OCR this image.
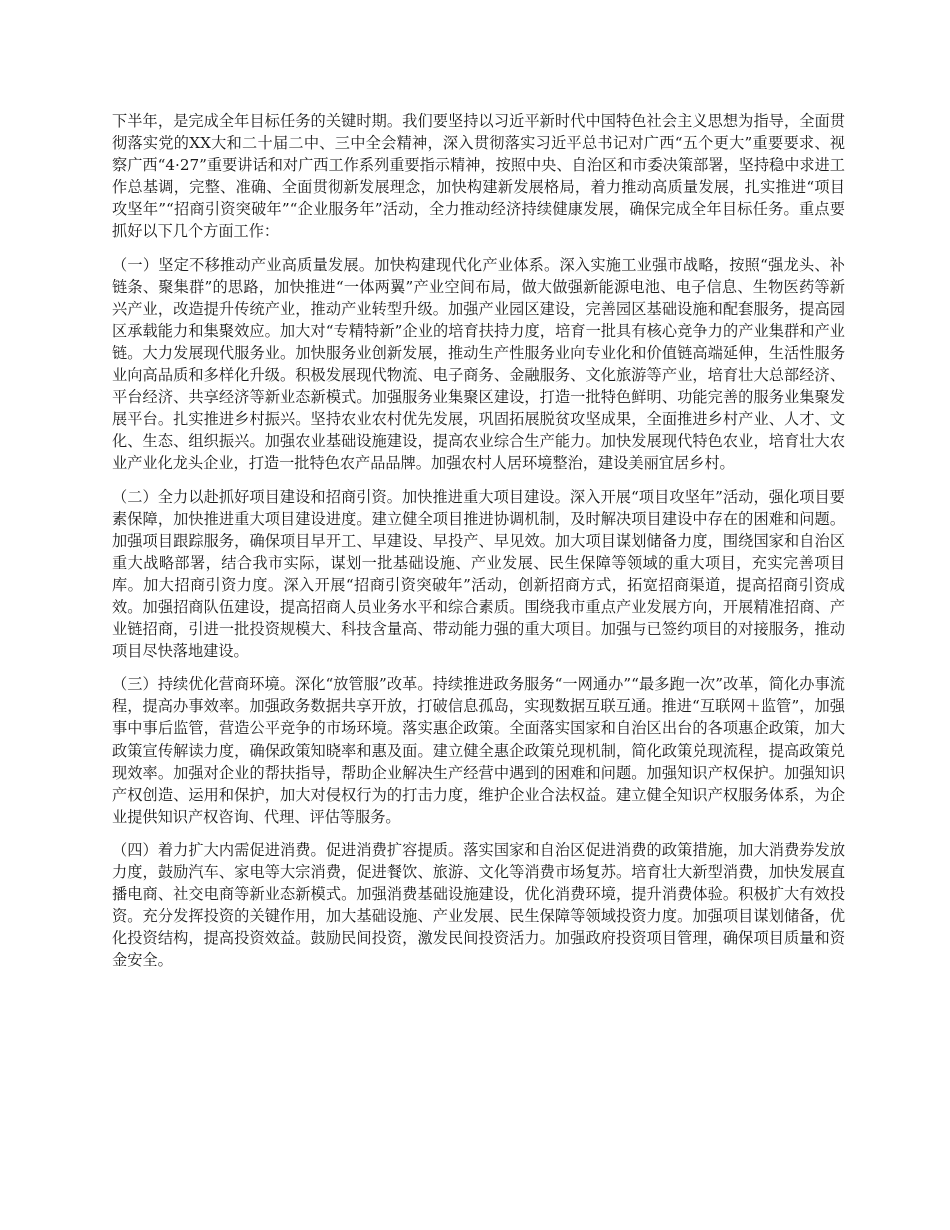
下半年，是完成全年目标任务的关键时期。我们要坚持以习近平新时代中国特色社会主义思想为指导，全面贯彻落实党的XX大和二十届二中、三中全会精神，深入贯彻落实习近平总书记对广西“五个更大”重要要求、视察广西“4·27”重要讲话和对广西工作系列重要指示精神，按照中央、自治区和市委决策部署，坚持稳中求进工作总基调，完整、准确、全面贯彻新发展理念，加快构建新发展格局，着力推动高质量发展，扎实推进“项目攻坚年”“招商引资突破年”“企业服务年”活动，全力推动经济持续健康发展，确保完成全年目标任务。重点要抓好以下几个方面工作：

（一）坚定不移推动产业高质量发展。加快构建现代化产业体系。深入实施工业强市战略，按照“强龙头、补链条、聚集群”的思路，加快推进“一体两翼”产业空间布局，做大做强新能源电池、电子信息、生物医药等新兴产业，改造提升传统产业，推动产业转型升级。加强产业园区建设，完善园区基础设施和配套服务，提高园区承载能力和集聚效应。加大对“专精特新”企业的培育扶持力度，培育一批具有核心竞争力的产业集群和产业链。大力发展现代服务业。加快服务业创新发展，推动生产性服务业向专业化和价值链高端延伸，生活性服务业向高品质和多样化升级。积极发展现代物流、电子商务、金融服务、文化旅游等产业，培育壮大总部经济、平台经济、共享经济等新业态新模式。加强服务业集聚区建设，打造一批特色鲜明、功能完善的服务业集聚发展平台。扎实推进乡村振兴。坚持农业农村优先发展，巩固拓展脱贫攻坚成果，全面推进乡村产业、人才、文化、生态、组织振兴。加强农业基础设施建设，提高农业综合生产能力。加快发展现代特色农业，培育壮大农业产业化龙头企业，打造一批特色农产品品牌。加强农村人居环境整治，建设美丽宜居乡村。

（二）全力以赴抓好项目建设和招商引资。加快推进重大项目建设。深入开展“项目攻坚年”活动，强化项目要素保障，加快推进重大项目建设进度。建立健全项目推进协调机制，及时解决项目建设中存在的困难和问题。加强项目跟踪服务，确保项目早开工、早建设、早投产、早见效。加大项目谋划储备力度，围绕国家和自治区重大战略部署，结合我市实际，谋划一批基础设施、产业发展、民生保障等领域的重大项目，充实完善项目库。加大招商引资力度。深入开展“招商引资突破年”活动，创新招商方式，拓宽招商渠道，提高招商引资成效。加强招商队伍建设，提高招商人员业务水平和综合素质。围绕我市重点产业发展方向，开展精准招商、产业链招商，引进一批投资规模大、科技含量高、带动能力强的重大项目。加强与已签约项目的对接服务，推动项目尽快落地建设。

（三）持续优化营商环境。深化“放管服”改革。持续推进政务服务“一网通办”“最多跑一次”改革，简化办事流程，提高办事效率。加强政务数据共享开放，打破信息孤岛，实现数据互联互通。推进“互联网＋监管”，加强事中事后监管，营造公平竞争的市场环境。落实惠企政策。全面落实国家和自治区出台的各项惠企政策，加大政策宣传解读力度，确保政策知晓率和惠及面。建立健全惠企政策兑现机制，简化政策兑现流程，提高政策兑现效率。加强对企业的帮扶指导，帮助企业解决生产经营中遇到的困难和问题。加强知识产权保护。加强知识产权创造、运用和保护，加大对侵权行为的打击力度，维护企业合法权益。建立健全知识产权服务体系，为企业提供知识产权咨询、代理、评估等服务。

（四）着力扩大内需促进消费。促进消费扩容提质。落实国家和自治区促进消费的政策措施，加大消费券发放力度，鼓励汽车、家电等大宗消费，促进餐饮、旅游、文化等消费市场复苏。培育壮大新型消费，加快发展直播电商、社交电商等新业态新模式。加强消费基础设施建设，优化消费环境，提升消费体验。积极扩大有效投资。充分发挥投资的关键作用，加大基础设施、产业发展、民生保障等领域投资力度。加强项目谋划储备，优化投资结构，提高投资效益。鼓励民间投资，激发民间投资活力。加强政府投资项目管理，确保项目质量和资金安全。
